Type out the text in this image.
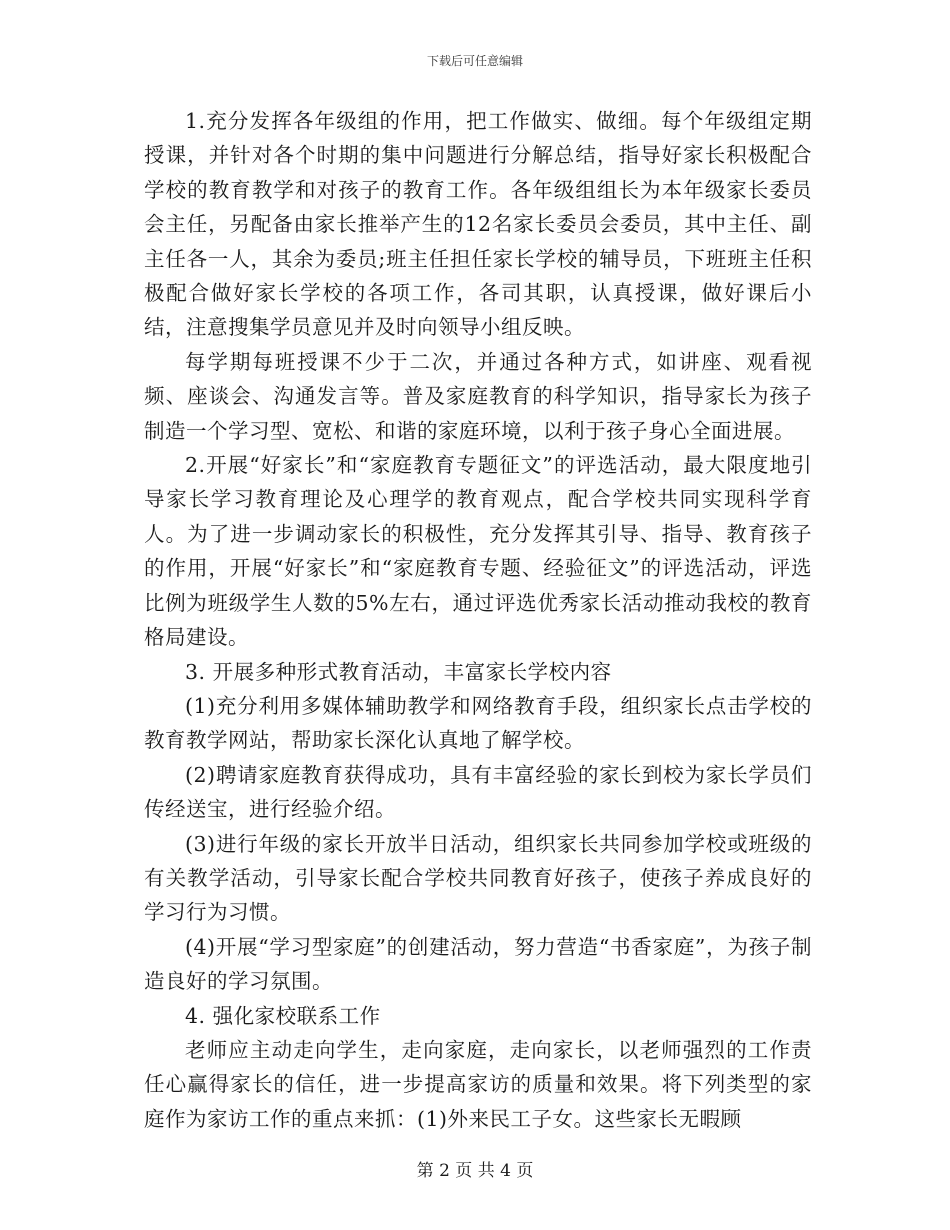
下载后可任意编辑

1.充分发挥各年级组的作用，把工作做实、做细。每个年级组定期授课，并针对各个时期的集中问题进行分解总结，指导好家长积极配合学校的教育教学和对孩子的教育工作。各年级组组长为本年级家长委员会主任，另配备由家长推举产生的12名家长委员会委员，其中主任、副主任各一人，其余为委员;班主任担任家长学校的辅导员，下班班主任积极配合做好家长学校的各项工作，各司其职，认真授课，做好课后小结，注意搜集学员意见并及时向领导小组反映。

每学期每班授课不少于二次，并通过各种方式，如讲座、观看视频、座谈会、沟通发言等。普及家庭教育的科学知识，指导家长为孩子制造一个学习型、宽松、和谐的家庭环境，以利于孩子身心全面进展。

2.开展“好家长”和“家庭教育专题征文”的评选活动，最大限度地引导家长学习教育理论及心理学的教育观点，配合学校共同实现科学育人。为了进一步调动家长的积极性，充分发挥其引导、指导、教育孩子的作用，开展“好家长”和“家庭教育专题、经验征文”的评选活动，评选比例为班级学生人数的5%左右，通过评选优秀家长活动推动我校的教育格局建设。

3. 开展多种形式教育活动，丰富家长学校内容

(1)充分利用多媒体辅助教学和网络教育手段，组织家长点击学校的教育教学网站，帮助家长深化认真地了解学校。

(2)聘请家庭教育获得成功，具有丰富经验的家长到校为家长学员们传经送宝，进行经验介绍。

(3)进行年级的家长开放半日活动，组织家长共同参加学校或班级的有关教学活动，引导家长配合学校共同教育好孩子，使孩子养成良好的学习行为习惯。

(4)开展“学习型家庭”的创建活动，努力营造“书香家庭”，为孩子制造良好的学习氛围。

4. 强化家校联系工作

老师应主动走向学生，走向家庭，走向家长，以老师强烈的工作责任心赢得家长的信任，进一步提高家访的质量和效果。将下列类型的家庭作为家访工作的重点来抓：(1)外来民工子女。这些家长无暇顾

第 2 页 共 4 页
